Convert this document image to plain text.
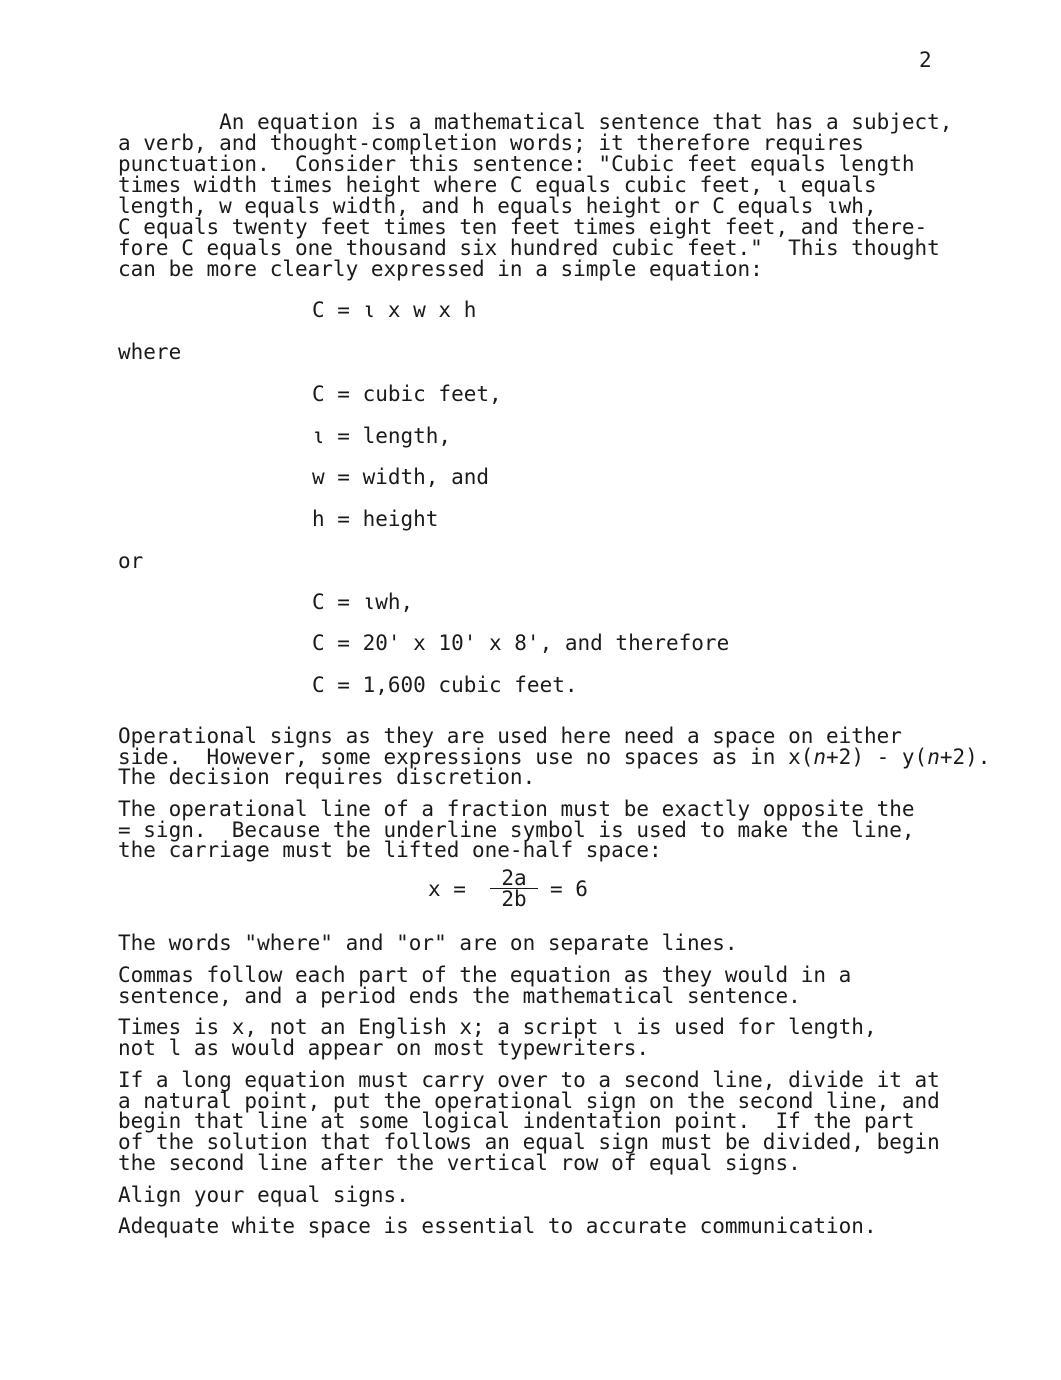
2
An equation is a mathematical sentence that has a subject,
a verb, and thought-completion words; it therefore requires
punctuation.  Consider this sentence: "Cubic feet equals length
times width times height where C equals cubic feet, ι equals
length, w equals width, and h equals height or C equals ιwh,
C equals twenty feet times ten feet times eight feet, and there-
fore C equals one thousand six hundred cubic feet."  This thought
can be more clearly expressed in a simple equation:
C = ι x w x h
where
C = cubic feet,
ι = length,
w = width, and
h = height
or
C = ιwh,
C = 20' x 10' x 8', and therefore
C = 1,600 cubic feet.
Operational signs as they are used here need a space on either
side.  However, some expressions use no spaces as in x(n+2) - y(n+2).
The decision requires discretion.
The operational line of a fraction must be exactly opposite the
= sign.  Because the underline symbol is used to make the line,
the carriage must be lifted one-half space:
$x = \frac{2a}{2b} = 6$
The words "where" and "or" are on separate lines.
Commas follow each part of the equation as they would in a
sentence, and a period ends the mathematical sentence.
Times is x, not an English x; a script ι is used for length,
not l as would appear on most typewriters.
If a long equation must carry over to a second line, divide it at
a natural point, put the operational sign on the second line, and
begin that line at some logical indentation point.  If the part
of the solution that follows an equal sign must be divided, begin
the second line after the vertical row of equal signs.
Align your equal signs.
Adequate white space is essential to accurate communication.
